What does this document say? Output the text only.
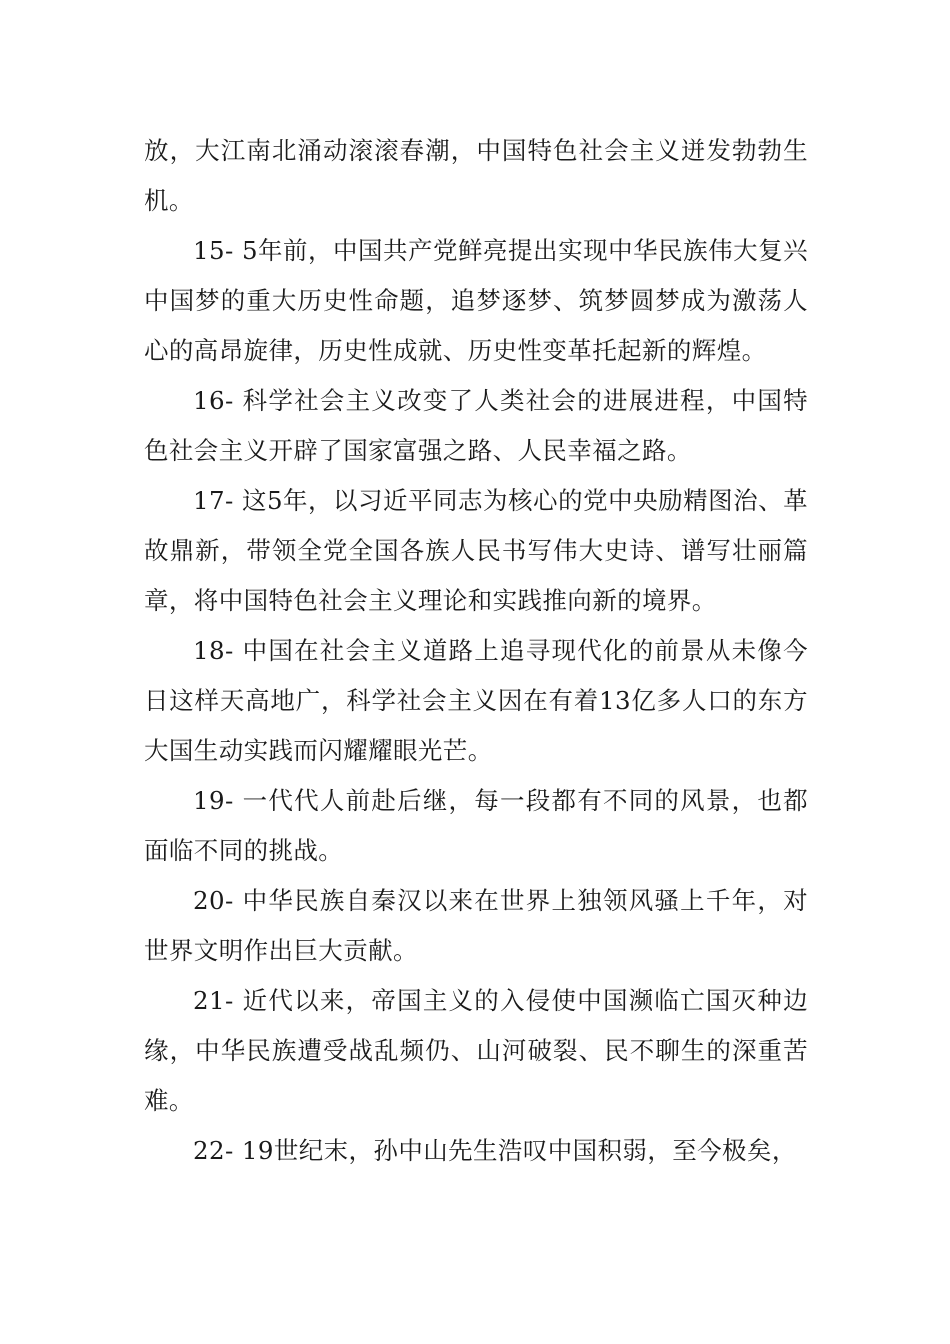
放，大江南北涌动滚滚春潮，中国特色社会主义迸发勃勃生机。

15- 5年前，中国共产党鲜亮提出实现中华民族伟大复兴中国梦的重大历史性命题，追梦逐梦、筑梦圆梦成为激荡人心的高昂旋律，历史性成就、历史性变革托起新的辉煌。

16- 科学社会主义改变了人类社会的进展进程，中国特色社会主义开辟了国家富强之路、人民幸福之路。

17- 这5年，以习近平同志为核心的党中央励精图治、革故鼎新，带领全党全国各族人民书写伟大史诗、谱写壮丽篇章，将中国特色社会主义理论和实践推向新的境界。

18- 中国在社会主义道路上追寻现代化的前景从未像今日这样天高地广，科学社会主义因在有着13亿多人口的东方大国生动实践而闪耀耀眼光芒。

19- 一代代人前赴后继，每一段都有不同的风景，也都面临不同的挑战。

20- 中华民族自秦汉以来在世界上独领风骚上千年，对世界文明作出巨大贡献。

21- 近代以来，帝国主义的入侵使中国濒临亡国灭种边缘，中华民族遭受战乱频仍、山河破裂、民不聊生的深重苦难。

22- 19世纪末，孙中山先生浩叹中国积弱，至今极矣，
